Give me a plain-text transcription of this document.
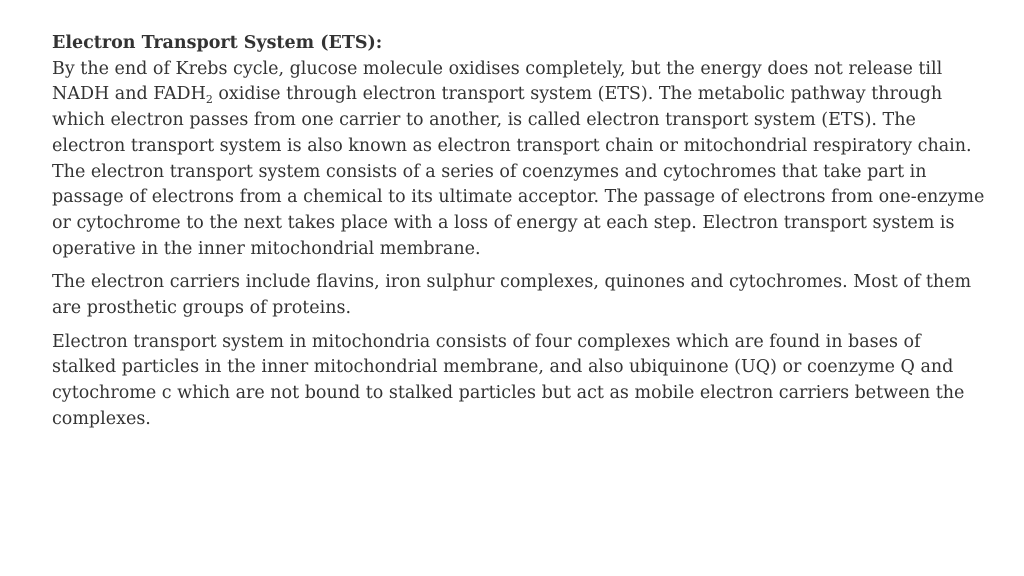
Electron Transport System (ETS):

By the end of Krebs cycle, glucose molecule oxidises completely, but the energy does not release till NADH and $FADH_2$ oxidise through electron transport system (ETS). The metabolic pathway through which electron passes from one carrier to another, is called electron transport system (ETS). The electron transport system is also known as electron transport chain or mitochondrial respiratory chain.

The electron transport system consists of a series of coenzymes and cytochromes that take part in passage of electrons from a chemical to its ultimate acceptor. The passage of electrons from one-enzyme or cytochrome to the next takes place with a loss of energy at each step. Electron transport system is operative in the inner mitochondrial membrane.

The electron carriers include flavins, iron sulphur complexes, quinones and cytochromes. Most of them are prosthetic groups of proteins.

Electron transport system in mitochondria consists of four complexes which are found in bases of stalked particles in the inner mitochondrial membrane, and also ubiquinone (UQ) or coenzyme Q and cytochrome c which are not bound to stalked particles but act as mobile electron carriers between the complexes.
